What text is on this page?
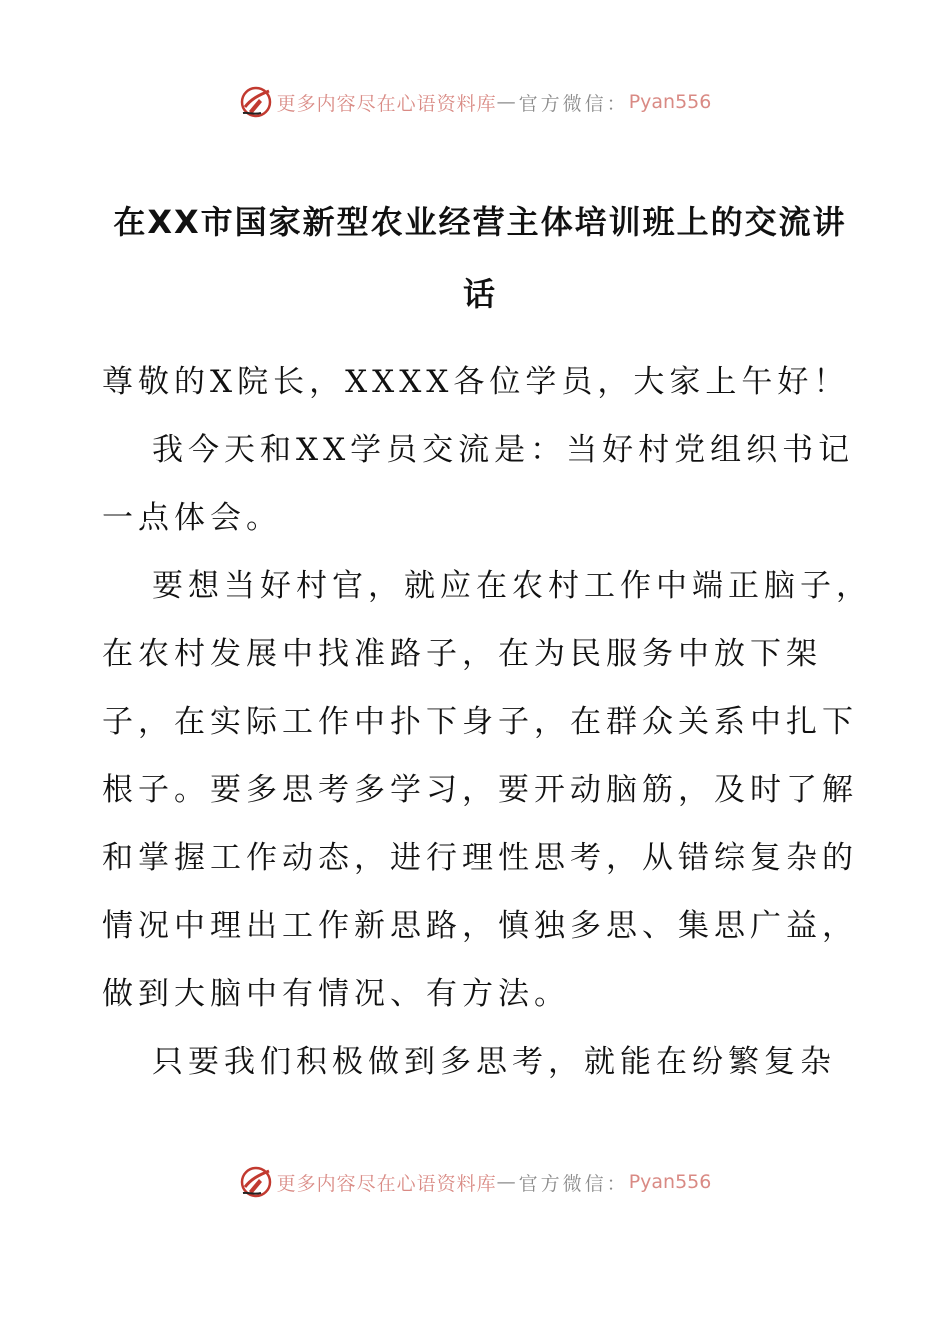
更多内容尽在心语资料库 — 官方微信： Pyan556
在XX市国家新型农业经营主体培训班上的交流讲话

尊敬的X院长，XXXX各位学员，大家上午好！

我今天和XX学员交流是：当好村党组织书记一点体会。

要想当好村官，就应在农村工作中端正脑子，在农村发展中找准路子，在为民服务中放下架子，在实际工作中扑下身子，在群众关系中扎下根子。要多思考多学习，要开动脑筋，及时了解和掌握工作动态，进行理性思考，从错综复杂的情况中理出工作新思路，慎独多思、集思广益，做到大脑中有情况、有方法。

只要我们积极做到多思考，就能在纷繁复杂

更多内容尽在心语资料库 — 官方微信： Pyan556
